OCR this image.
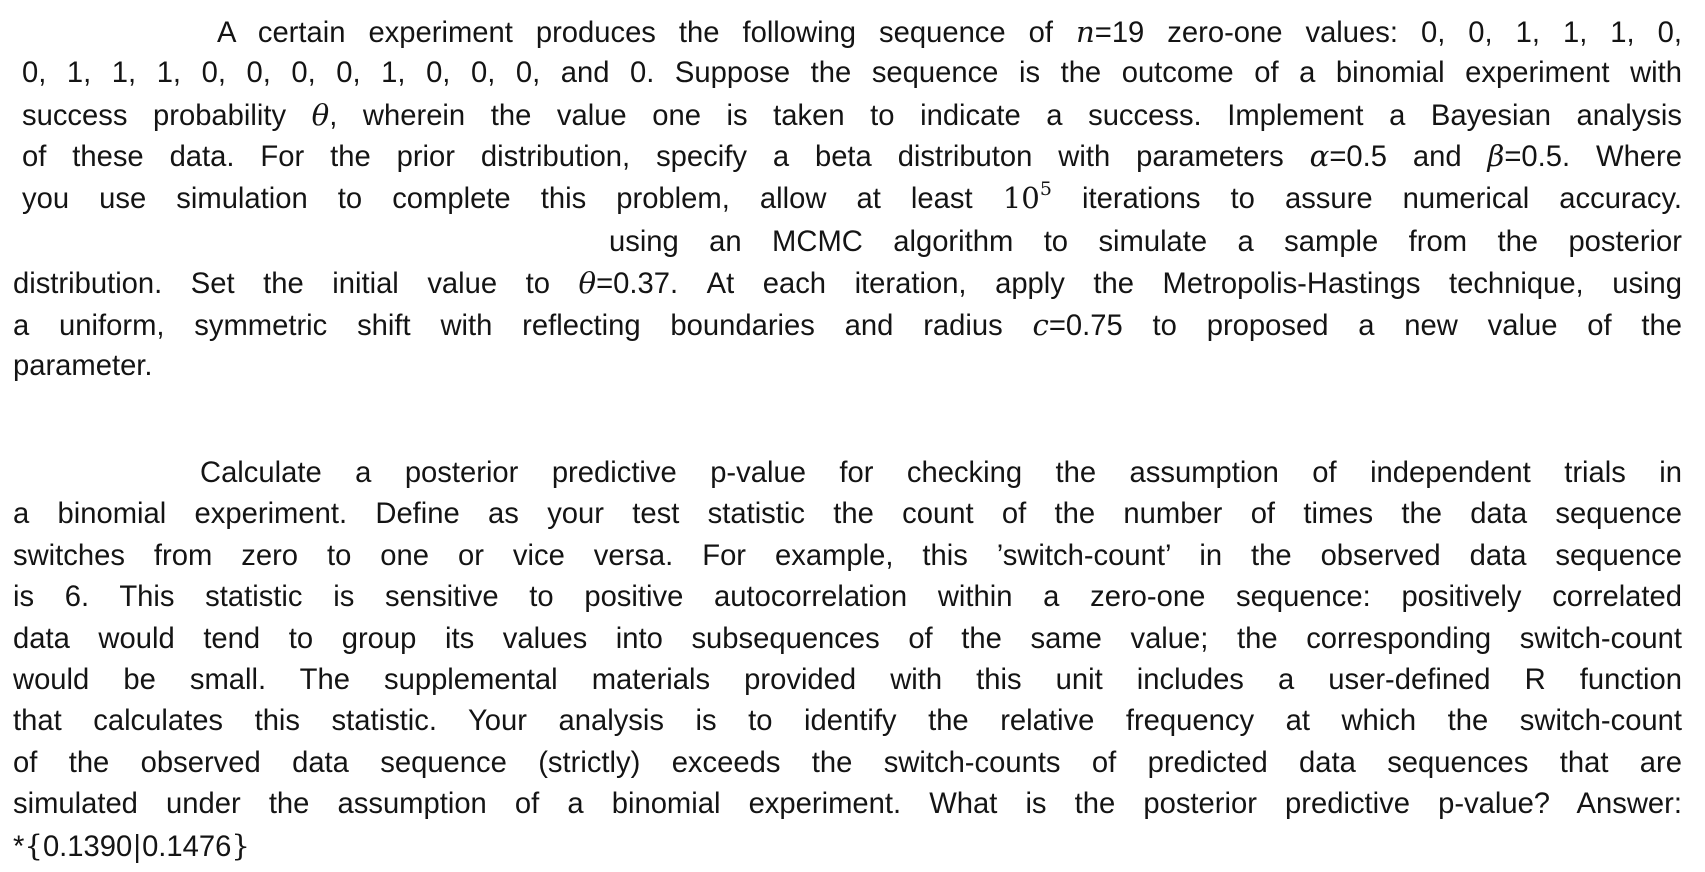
A certain experiment produces the following sequence of n=19 zero-one values: 0, 0, 1, 1, 1, 0,
0, 1, 1, 1, 0, 0, 0, 0, 1, 0, 0, 0, and 0. Suppose the sequence is the outcome of a binomial experiment with
success probability θ, wherein the value one is taken to indicate a success. Implement a Bayesian analysis
of these data. For the prior distribution, specify a beta distributon with parameters α=0.5 and β=0.5. Where
you use simulation to complete this problem, allow at least $10^5$ iterations to assure numerical accuracy.
using an MCMC algorithm to simulate a sample from the posterior
distribution. Set the initial value to θ=0.37. At each iteration, apply the Metropolis-Hastings technique, using
a uniform, symmetric shift with reflecting boundaries and radius c=0.75 to proposed a new value of the
parameter.
Calculate a posterior predictive p-value for checking the assumption of independent trials in
a binomial experiment. Define as your test statistic the count of the number of times the data sequence
switches from zero to one or vice versa. For example, this ’switch-count’ in the observed data sequence
is 6. This statistic is sensitive to positive autocorrelation within a zero-one sequence: positively correlated
data would tend to group its values into subsequences of the same value; the corresponding switch-count
would be small. The supplemental materials provided with this unit includes a user-defined R function
that calculates this statistic. Your analysis is to identify the relative frequency at which the switch-count
of the observed data sequence (strictly) exceeds the switch-counts of predicted data sequences that are
simulated under the assumption of a binomial experiment. What is the posterior predictive p-value? Answer:
*{0.1390|0.1476}
